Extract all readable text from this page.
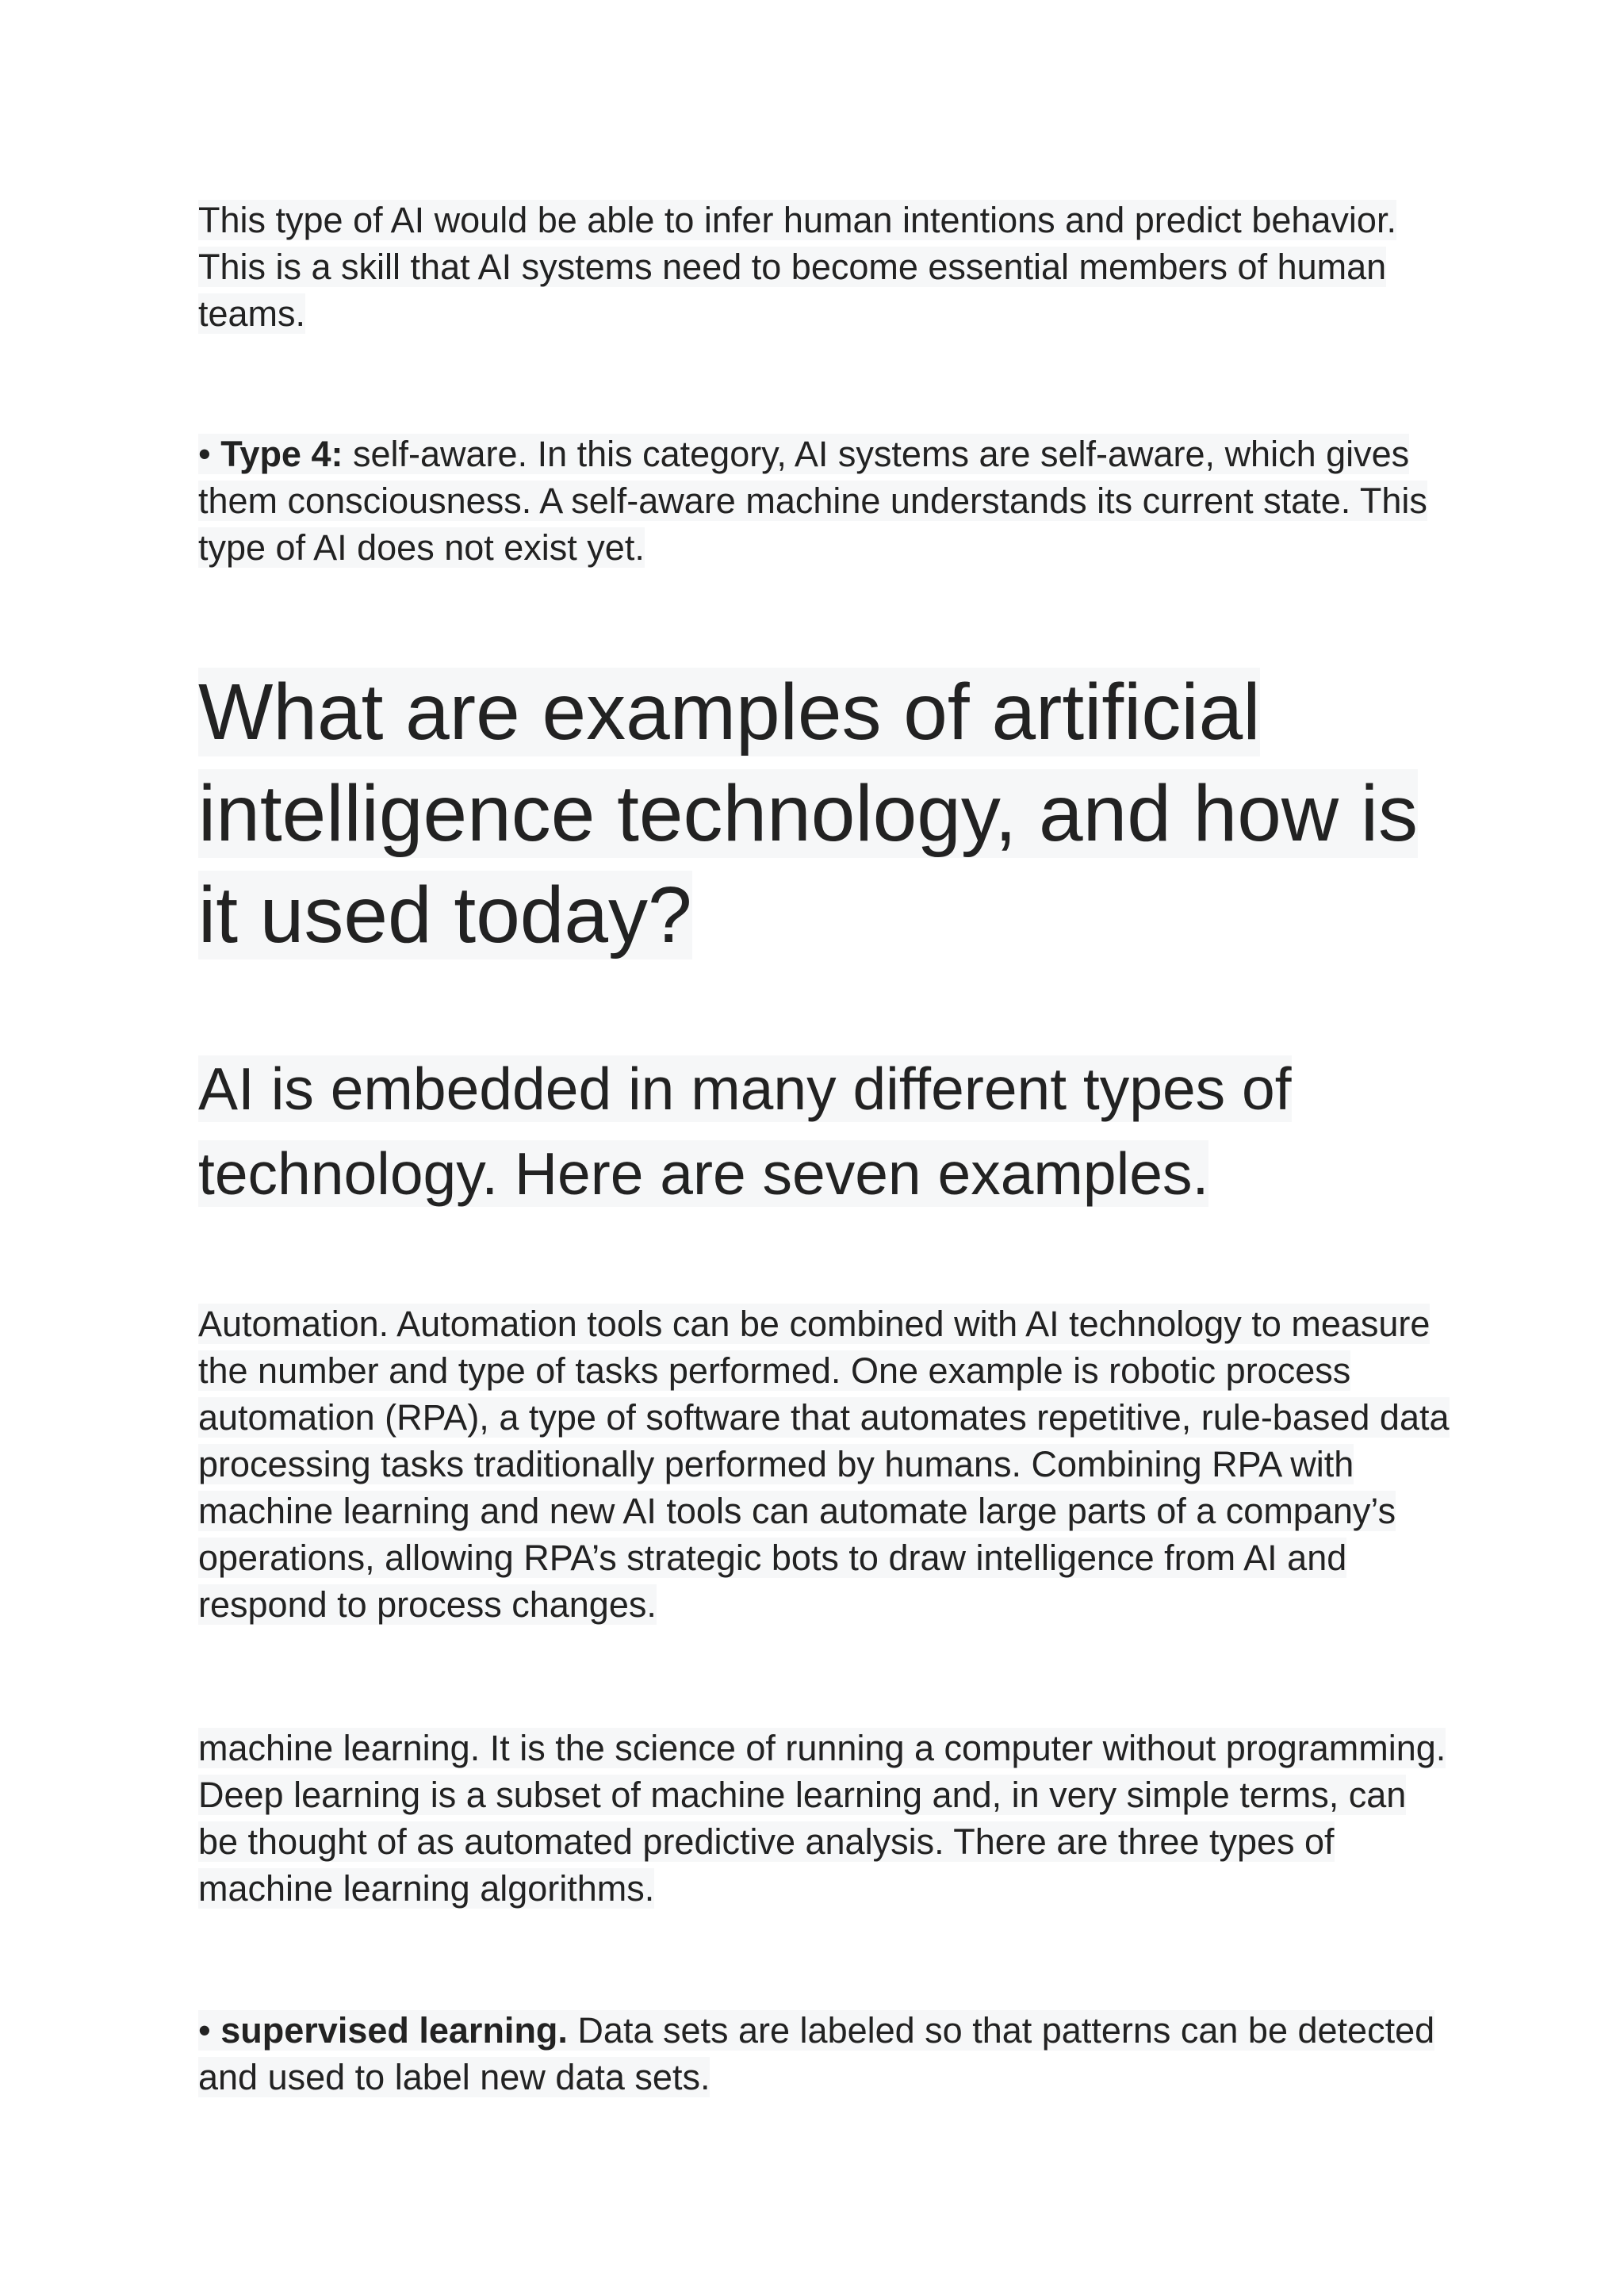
This type of AI would be able to infer human intentions and predict behavior. This is a skill that AI systems need to become essential members of human teams.

• Type 4: self-aware. In this category, AI systems are self-aware, which gives them consciousness. A self-aware machine understands its current state. This type of AI does not exist yet.

What are examples of artificial intelligence technology, and how is it used today?
AI is embedded in many different types of technology. Here are seven examples.

Automation. Automation tools can be combined with AI technology to measure the number and type of tasks performed. One example is robotic process automation (RPA), a type of software that automates repetitive, rule-based data processing tasks traditionally performed by humans. Combining RPA with machine learning and new AI tools can automate large parts of a company’s operations, allowing RPA’s strategic bots to draw intelligence from AI and respond to process changes.

machine learning. It is the science of running a computer without programming. Deep learning is a subset of machine learning and, in very simple terms, can be thought of as automated predictive analysis. There are three types of machine learning algorithms.

• supervised learning. Data sets are labeled so that patterns can be detected and used to label new data sets.
